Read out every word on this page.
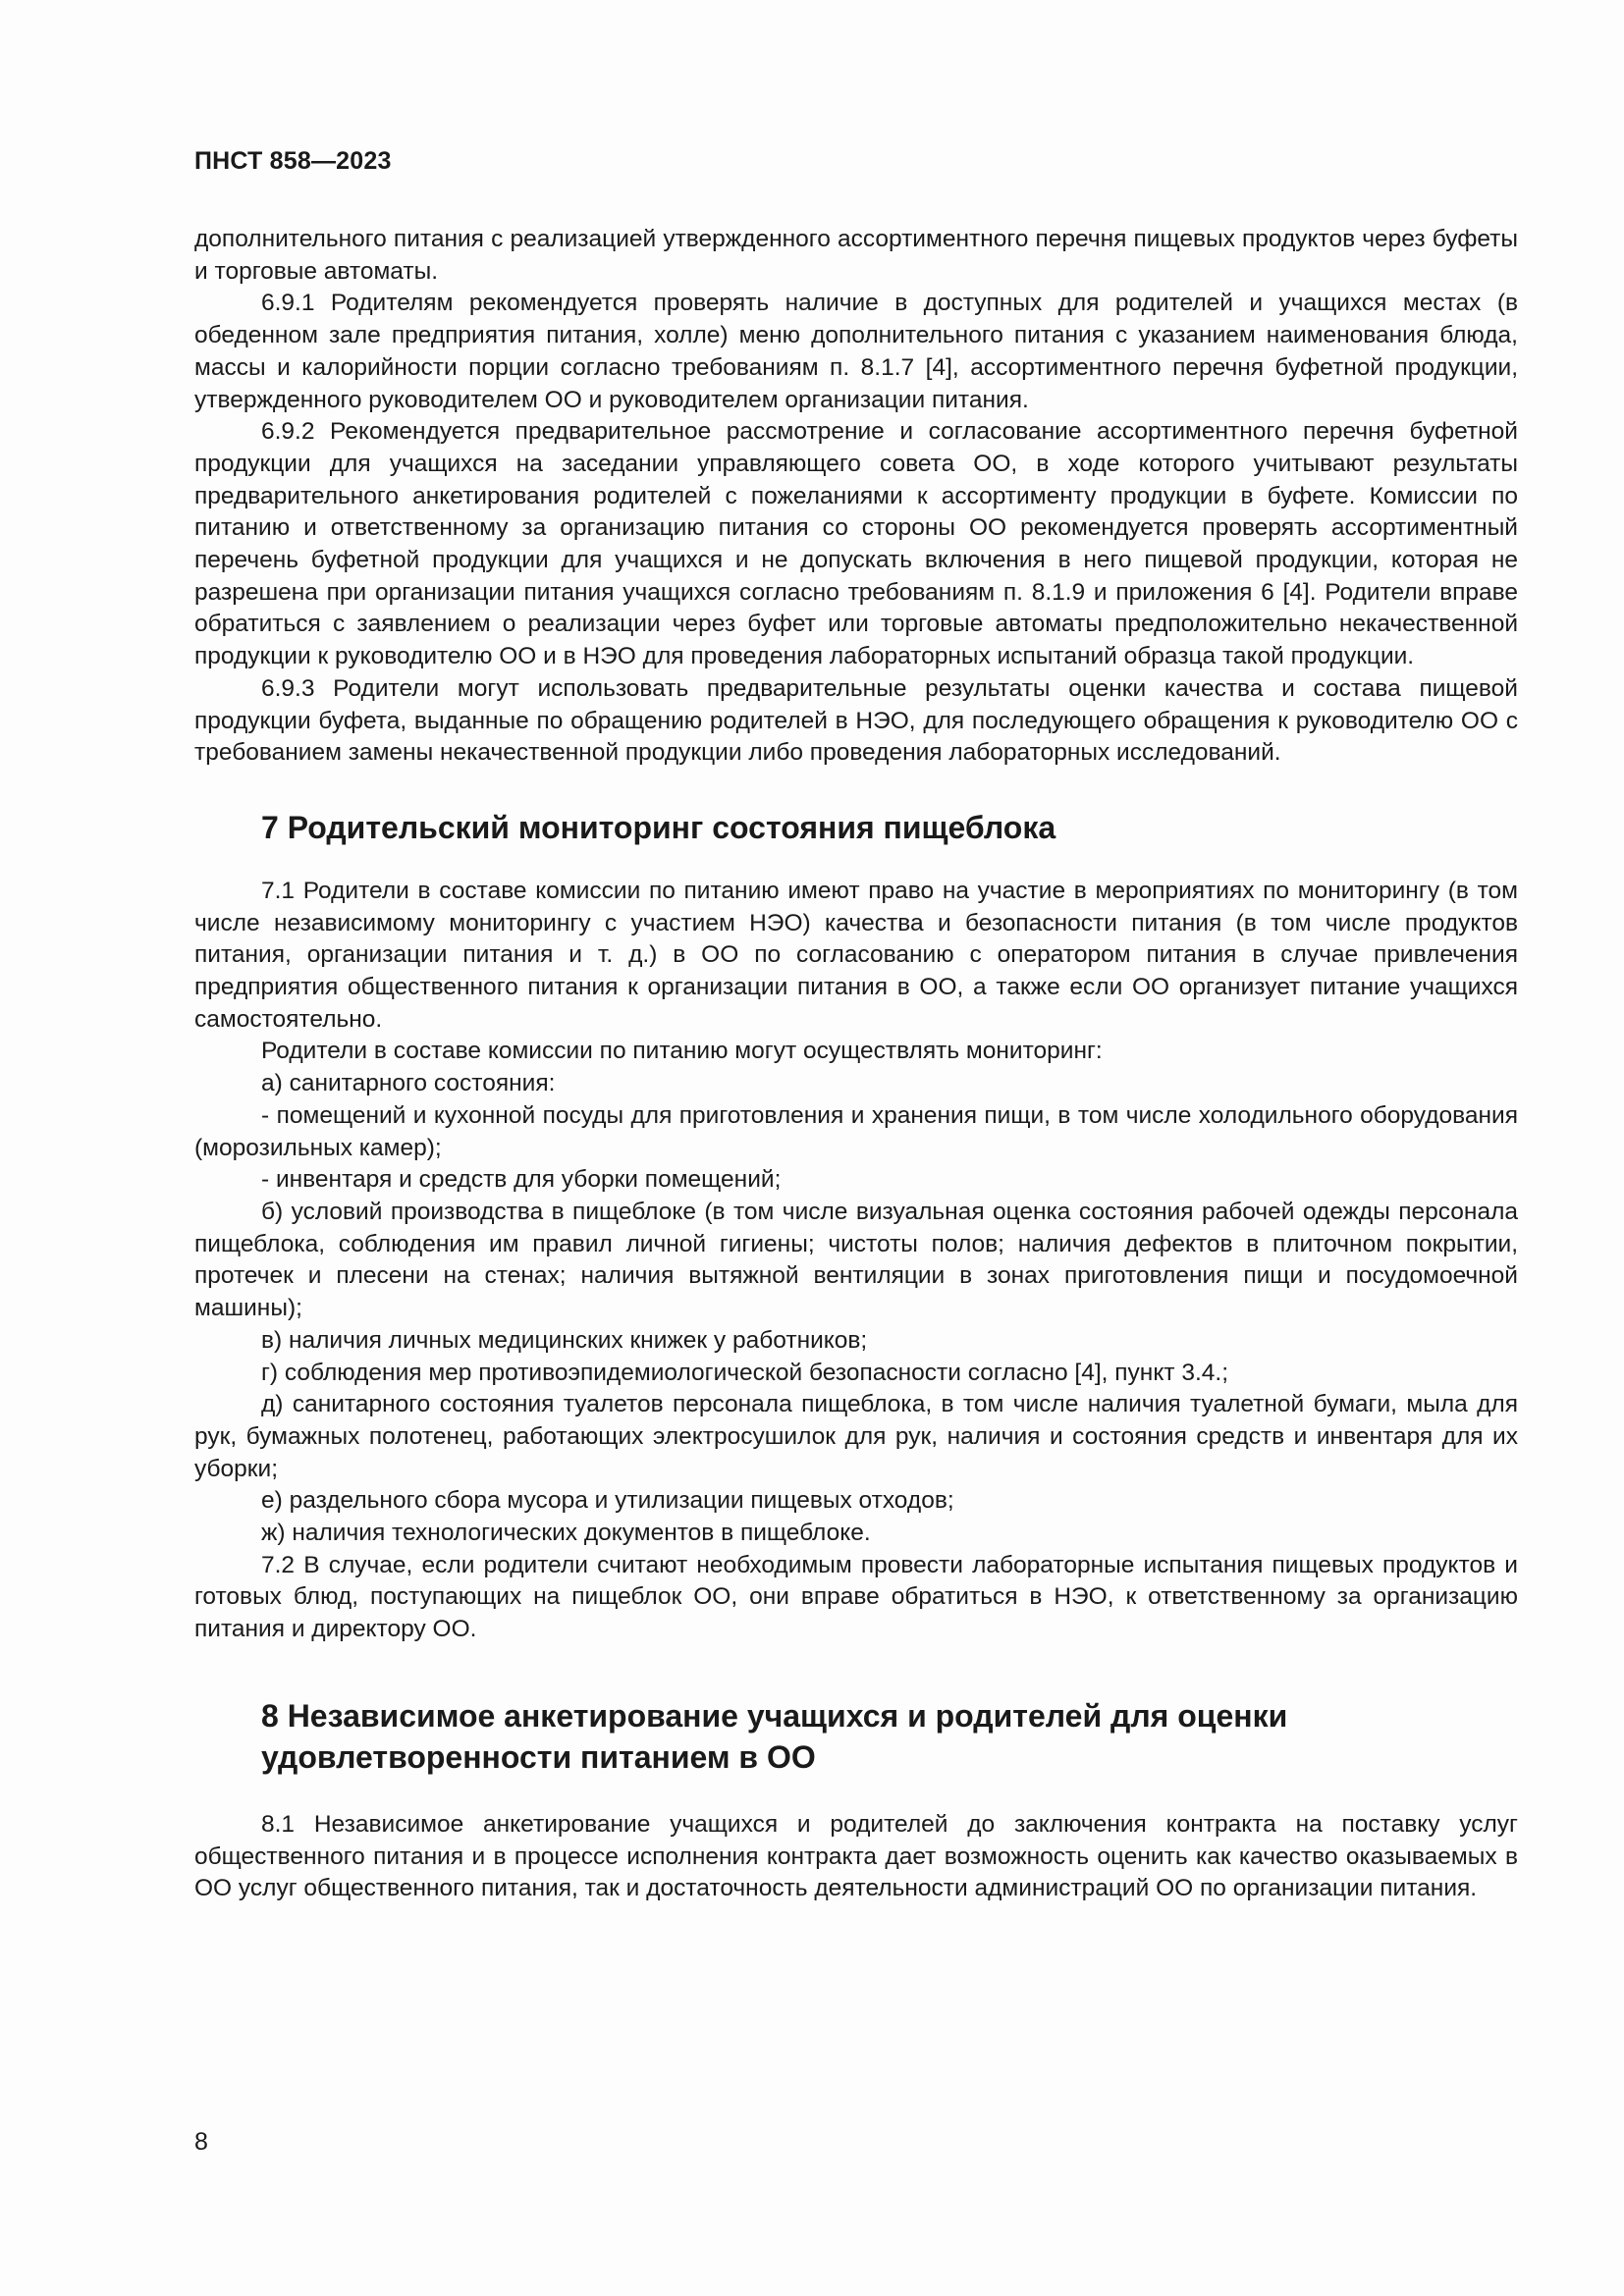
ПНСТ 858—2023

дополнительного питания с реализацией утвержденного ассортиментного перечня пищевых продуктов через буфеты и торговые автоматы.

6.9.1 Родителям рекомендуется проверять наличие в доступных для родителей и учащихся местах (в обеденном зале предприятия питания, холле) меню дополнительного питания с указанием наименования блюда, массы и калорийности порции согласно требованиям п. 8.1.7 [4], ассортиментного перечня буфетной продукции, утвержденного руководителем ОО и руководителем организации питания.

6.9.2 Рекомендуется предварительное рассмотрение и согласование ассортиментного перечня буфетной продукции для учащихся на заседании управляющего совета ОО, в ходе которого учитывают результаты предварительного анкетирования родителей с пожеланиями к ассортименту продукции в буфете. Комиссии по питанию и ответственному за организацию питания со стороны ОО рекомендуется проверять ассортиментный перечень буфетной продукции для учащихся и не допускать включения в него пищевой продукции, которая не разрешена при организации питания учащихся согласно требованиям п. 8.1.9 и приложения 6 [4]. Родители вправе обратиться с заявлением о реализации через буфет или торговые автоматы предположительно некачественной продукции к руководителю ОО и в НЭО для проведения лабораторных испытаний образца такой продукции.

6.9.3 Родители могут использовать предварительные результаты оценки качества и состава пищевой продукции буфета, выданные по обращению родителей в НЭО, для последующего обращения к руководителю ОО с требованием замены некачественной продукции либо проведения лабораторных исследований.

7 Родительский мониторинг состояния пищеблока

7.1 Родители в составе комиссии по питанию имеют право на участие в мероприятиях по мониторингу (в том числе независимому мониторингу с участием НЭО) качества и безопасности питания (в том числе продуктов питания, организации питания и т. д.) в ОО по согласованию с оператором питания в случае привлечения предприятия общественного питания к организации питания в ОО, а также если ОО организует питание учащихся самостоятельно.

Родители в составе комиссии по питанию могут осуществлять мониторинг:

а) санитарного состояния:

- помещений и кухонной посуды для приготовления и хранения пищи, в том числе холодильного оборудования (морозильных камер);

- инвентаря и средств для уборки помещений;

б) условий производства в пищеблоке (в том числе визуальная оценка состояния рабочей одежды персонала пищеблока, соблюдения им правил личной гигиены; чистоты полов; наличия дефектов в плиточном покрытии, протечек и плесени на стенах; наличия вытяжной вентиляции в зонах приготовления пищи и посудомоечной машины);

в) наличия личных медицинских книжек у работников;

г) соблюдения мер противоэпидемиологической безопасности согласно [4], пункт 3.4.;

д) санитарного состояния туалетов персонала пищеблока, в том числе наличия туалетной бумаги, мыла для рук, бумажных полотенец, работающих электросушилок для рук, наличия и состояния средств и инвентаря для их уборки;

е) раздельного сбора мусора и утилизации пищевых отходов;

ж) наличия технологических документов в пищеблоке.

7.2 В случае, если родители считают необходимым провести лабораторные испытания пищевых продуктов и готовых блюд, поступающих на пищеблок ОО, они вправе обратиться в НЭО, к ответственному за организацию питания и директору ОО.

8 Независимое анкетирование учащихся и родителей для оценки удовлетворенности питанием в ОО

8.1 Независимое анкетирование учащихся и родителей до заключения контракта на поставку услуг общественного питания и в процессе исполнения контракта дает возможность оценить как качество оказываемых в ОО услуг общественного питания, так и достаточность деятельности администраций ОО по организации питания.

8
